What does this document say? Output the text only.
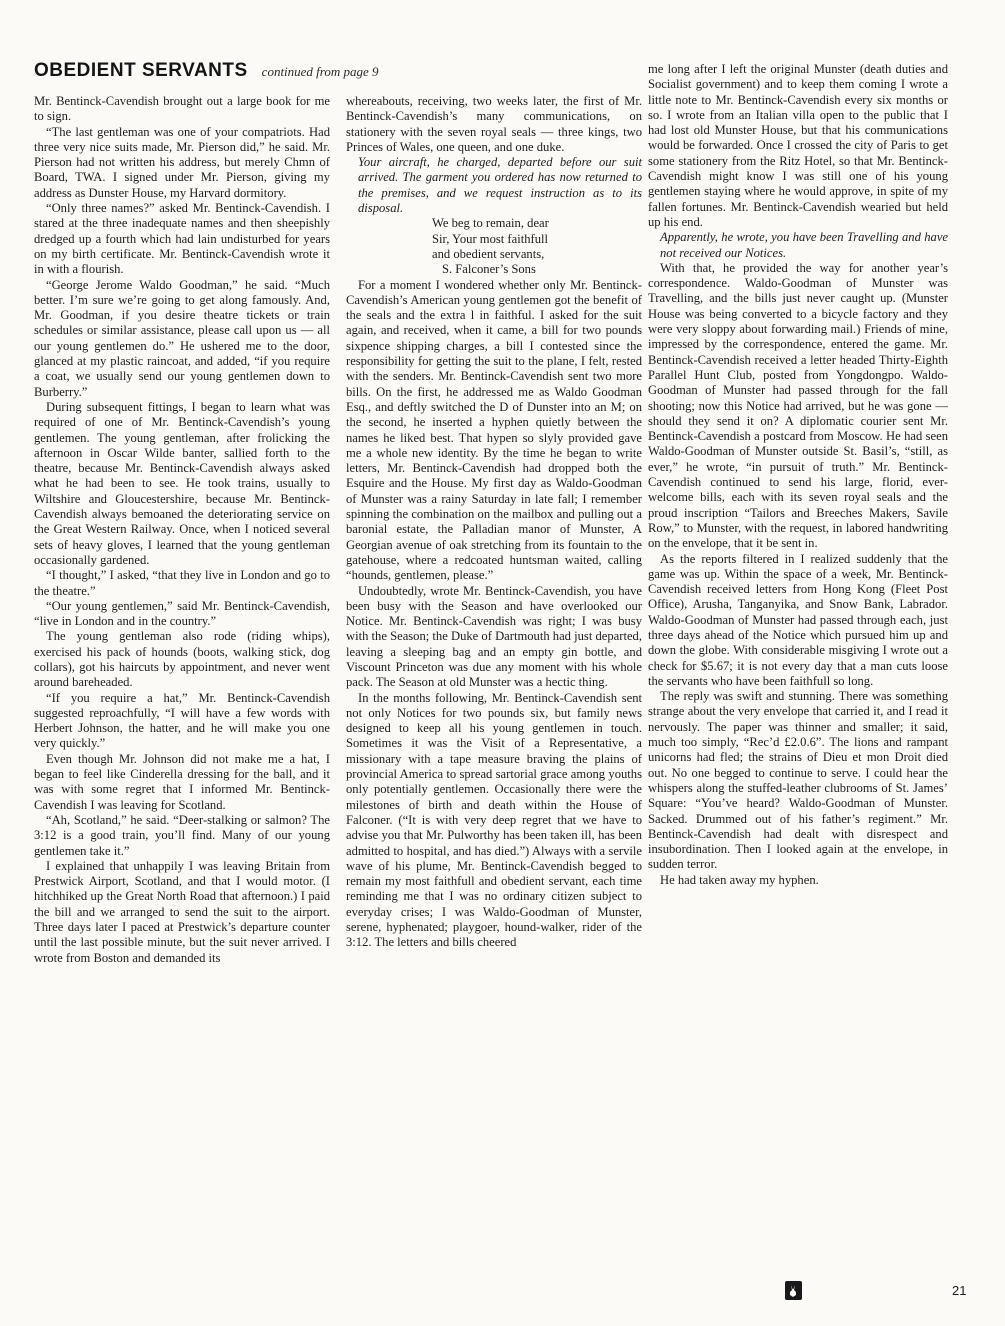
OBEDIENT SERVANTS continued from page 9

Mr. Bentinck-Cavendish brought out a large book for me to sign.

“The last gentleman was one of your compatriots. Had three very nice suits made, Mr. Pierson did,” he said. Mr. Pierson had not written his address, but merely Chmn of Board, TWA. I signed under Mr. Pierson, giving my address as Dunster House, my Harvard dormitory.

“Only three names?” asked Mr. Bentinck-Cavendish. I stared at the three inadequate names and then sheepishly dredged up a fourth which had lain undisturbed for years on my birth certificate. Mr. Bentinck-Cavendish wrote it in with a flourish.

“George Jerome Waldo Goodman,” he said. “Much better. I’m sure we’re going to get along famously. And, Mr. Goodman, if you desire theatre tickets or train schedules or similar assistance, please call upon us — all our young gentlemen do.” He ushered me to the door, glanced at my plastic raincoat, and added, “if you require a coat, we usually send our young gentlemen down to Burberry.”

During subsequent fittings, I began to learn what was required of one of Mr. Bentinck-Cavendish’s young gentlemen. The young gentleman, after frolicking the afternoon in Oscar Wilde banter, sallied forth to the theatre, because Mr. Bentinck-Cavendish always asked what he had been to see. He took trains, usually to Wiltshire and Gloucestershire, because Mr. Bentinck-Cavendish always bemoaned the deteriorating service on the Great Western Railway. Once, when I noticed several sets of heavy gloves, I learned that the young gentleman occasionally gardened.

“I thought,” I asked, “that they live in London and go to the theatre.”

“Our young gentlemen,” said Mr. Bentinck-Cavendish, “live in London and in the country.”

The young gentleman also rode (riding whips), exercised his pack of hounds (boots, walking stick, dog collars), got his haircuts by appointment, and never went around bareheaded.

“If you require a hat,” Mr. Bentinck-Cavendish suggested reproachfully, “I will have a few words with Herbert Johnson, the hatter, and he will make you one very quickly.”

Even though Mr. Johnson did not make me a hat, I began to feel like Cinderella dressing for the ball, and it was with some regret that I informed Mr. Bentinck-Cavendish I was leaving for Scotland.

“Ah, Scotland,” he said. “Deer-stalking or salmon? The 3:12 is a good train, you’ll find. Many of our young gentlemen take it.”

I explained that unhappily I was leaving Britain from Prestwick Airport, Scotland, and that I would motor. (I hitchhiked up the Great North Road that afternoon.) I paid the bill and we arranged to send the suit to the airport. Three days later I paced at Prestwick’s departure counter until the last possible minute, but the suit never arrived. I wrote from Boston and demanded its

whereabouts, receiving, two weeks later, the first of Mr. Bentinck-Cavendish’s many communications, on stationery with the seven royal seals — three kings, two Princes of Wales, one queen, and one duke.

Your aircraft, he charged, departed before our suit arrived. The garment you ordered has now returned to the premises, and we request instruction as to its disposal.

We beg to remain, dear

Sir, Your most faithfull

and obedient servants,

S. Falconer’s Sons

For a moment I wondered whether only Mr. Bentinck-Cavendish’s American young gentlemen got the benefit of the seals and the extra l in faithful. I asked for the suit again, and received, when it came, a bill for two pounds sixpence shipping charges, a bill I contested since the responsibility for getting the suit to the plane, I felt, rested with the senders. Mr. Bentinck-Cavendish sent two more bills. On the first, he addressed me as Waldo Goodman Esq., and deftly switched the D of Dunster into an M; on the second, he inserted a hyphen quietly between the names he liked best. That hypen so slyly provided gave me a whole new identity. By the time he began to write letters, Mr. Bentinck-Cavendish had dropped both the Esquire and the House. My first day as Waldo-Goodman of Munster was a rainy Saturday in late fall; I remember spinning the combination on the mailbox and pulling out a baronial estate, the Palladian manor of Munster, A Georgian avenue of oak stretching from its fountain to the gatehouse, where a redcoated huntsman waited, calling “hounds, gentlemen, please.”

Undoubtedly, wrote Mr. Bentinck-Cavendish, you have been busy with the Season and have overlooked our Notice. Mr. Bentinck-Cavendish was right; I was busy with the Season; the Duke of Dartmouth had just departed, leaving a sleeping bag and an empty gin bottle, and Viscount Princeton was due any moment with his whole pack. The Season at old Munster was a hectic thing.

In the months following, Mr. Bentinck-Cavendish sent not only Notices for two pounds six, but family news designed to keep all his young gentlemen in touch. Sometimes it was the Visit of a Representative, a missionary with a tape measure braving the plains of provincial America to spread sartorial grace among youths only potentially gentlemen. Occasionally there were the milestones of birth and death within the House of Falconer. (“It is with very deep regret that we have to advise you that Mr. Pulworthy has been taken ill, has been admitted to hospital, and has died.”) Always with a servile wave of his plume, Mr. Bentinck-Cavendish begged to remain my most faithfull and obedient servant, each time reminding me that I was no ordinary citizen subject to everyday crises; I was Waldo-Goodman of Munster, serene, hyphenated; playgoer, hound-walker, rider of the 3:12. The letters and bills cheered

me long after I left the original Munster (death duties and Socialist government) and to keep them coming I wrote a little note to Mr. Bentinck-Cavendish every six months or so. I wrote from an Italian villa open to the public that I had lost old Munster House, but that his communications would be forwarded. Once I crossed the city of Paris to get some stationery from the Ritz Hotel, so that Mr. Bentinck-Cavendish might know I was still one of his young gentlemen staying where he would approve, in spite of my fallen fortunes. Mr. Bentinck-Cavendish wearied but held up his end.

Apparently, he wrote, you have been Travelling and have not received our Notices.

With that, he provided the way for another year’s correspondence. Waldo-Goodman of Munster was Travelling, and the bills just never caught up. (Munster House was being converted to a bicycle factory and they were very sloppy about forwarding mail.) Friends of mine, impressed by the correspondence, entered the game. Mr. Bentinck-Cavendish received a letter headed Thirty-Eighth Parallel Hunt Club, posted from Yongdongpo. Waldo-Goodman of Munster had passed through for the fall shooting; now this Notice had arrived, but he was gone — should they send it on? A diplomatic courier sent Mr. Bentinck-Cavendish a postcard from Moscow. He had seen Waldo-Goodman of Munster outside St. Basil’s, “still, as ever,” he wrote, “in pursuit of truth.” Mr. Bentinck-Cavendish continued to send his large, florid, ever-welcome bills, each with its seven royal seals and the proud inscription “Tailors and Breeches Makers, Savile Row,” to Munster, with the request, in labored handwriting on the envelope, that it be sent in.

As the reports filtered in I realized suddenly that the game was up. Within the space of a week, Mr. Bentinck-Cavendish received letters from Hong Kong (Fleet Post Office), Arusha, Tanganyika, and Snow Bank, Labrador. Waldo-Goodman of Munster had passed through each, just three days ahead of the Notice which pursued him up and down the globe. With considerable misgiving I wrote out a check for $5.67; it is not every day that a man cuts loose the servants who have been faithfull so long.

The reply was swift and stunning. There was something strange about the very envelope that carried it, and I read it nervously. The paper was thinner and smaller; it said, much too simply, “Rec’d £2.0.6”. The lions and rampant unicorns had fled; the strains of Dieu et mon Droit died out. No one begged to continue to serve. I could hear the whispers along the stuffed-leather clubrooms of St. James’ Square: “You’ve heard? Waldo-Goodman of Munster. Sacked. Drummed out of his father’s regiment.” Mr. Bentinck-Cavendish had dealt with disrespect and insubordination. Then I looked again at the envelope, in sudden terror.

He had taken away my hyphen.

21
